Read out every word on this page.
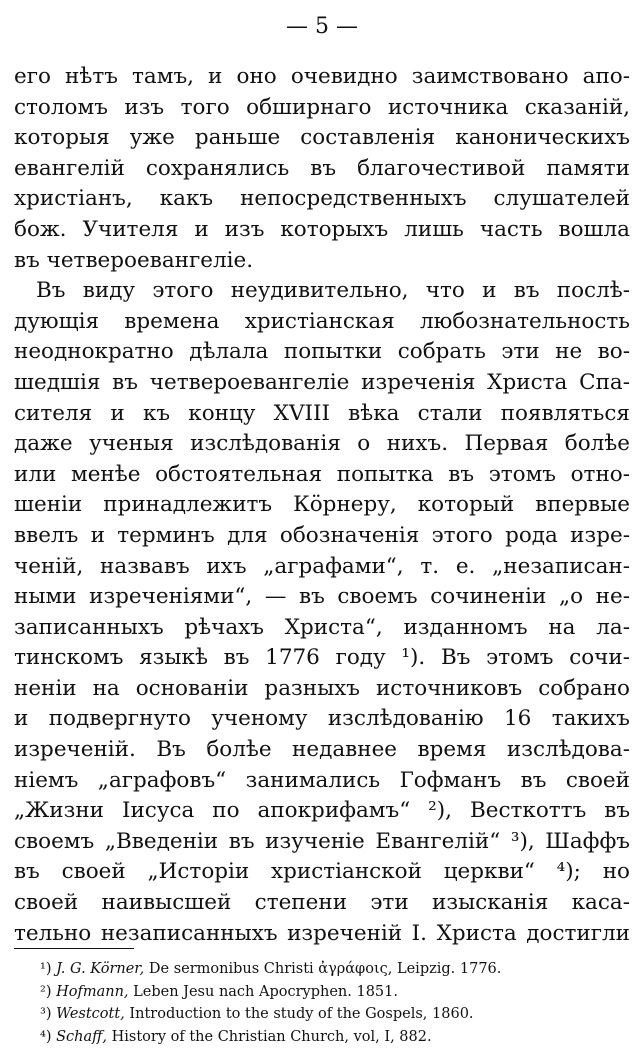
— 5 —
его нѣтъ тамъ, и оно очевидно заимствовано апо-
столомъ изъ того обширнаго источника сказаній,
которыя уже раньше составленія каноническихъ
евангелій сохранялись въ благочестивой памяти
христіанъ, какъ непосредственныхъ слушателей
бож. Учителя и изъ которыхъ лишь часть вошла
въ четвероевангеліе.
Въ виду этого неудивительно, что и въ послѣ-
дующія времена христіанская любознательность
неоднократно дѣлала попытки собрать эти не во-
шедшія въ четвероевангеліе изреченія Христа Спа-
сителя и къ концу XVIII вѣка стали появляться
даже ученыя изслѣдованія о нихъ. Первая болѣе
или менѣе обстоятельная попытка въ этомъ отно-
шеніи принадлежитъ Кöрнеру, который впервые
ввелъ и терминъ для обозначенія этого рода изре-
ченій, назвавъ ихъ „аграфами“, т. е. „незаписан-
ными изреченіями“, — въ своемъ сочиненіи „о не-
записанныхъ рѣчахъ Христа“, изданномъ на ла-
тинскомъ языкѣ въ 1776 году ¹). Въ этомъ сочи-
неніи на основаніи разныхъ источниковъ собрано
и подвергнуто ученому изслѣдованію 16 такихъ
изреченій. Въ болѣе недавнее время изслѣдова-
ніемъ „аграфовъ“ занимались Гофманъ въ своей
„Жизни Іисуса по апокрифамъ“ ²), Весткоттъ въ
своемъ „Введеніи въ изученіе Евангелій“ ³), Шаффъ
въ своей „Исторіи христіанской церкви“ ⁴); но
своей наивысшей степени эти изысканія каса-
тельно незаписанныхъ изреченій І. Христа достигли
¹) J. G. Körner, De sermonibus Christi ἀγράφοις, Leipzig. 1776.
²) Hofmann, Leben Jesu nach Apocryphen. 1851.
³) Westcott, Introduction to the study of the Gospels, 1860.
⁴) Schaff, History of the Christian Church, vol, I, 882.
